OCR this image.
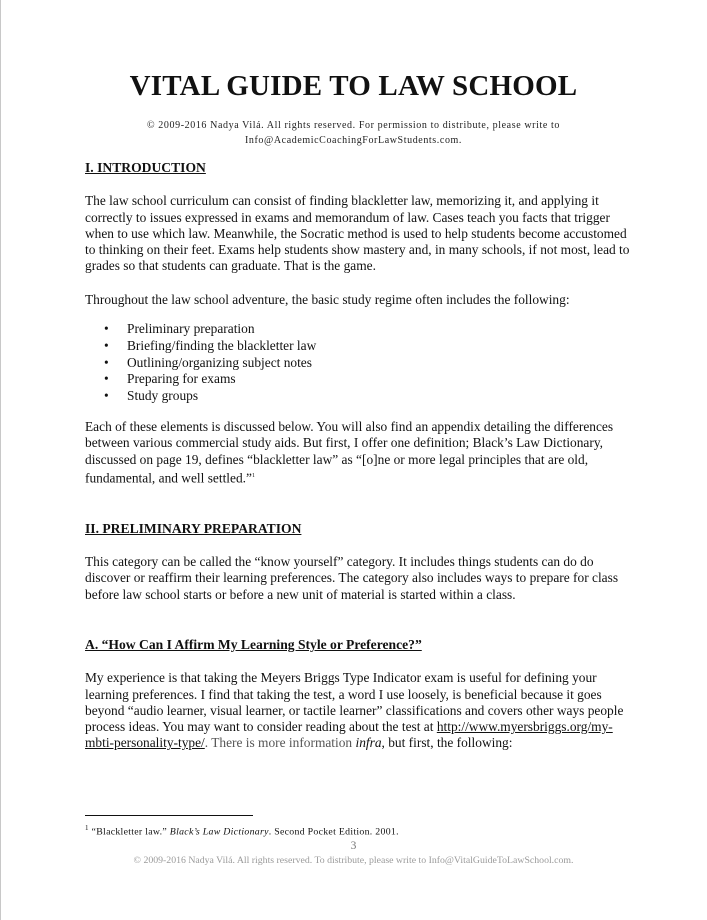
VITAL GUIDE TO LAW SCHOOL
© 2009-2016 Nadya Vilá. All rights reserved. For permission to distribute, please write to
Info@AcademicCoachingForLawStudents.com.
I. INTRODUCTION

The law school curriculum can consist of finding blackletter law, memorizing it, and applying it correctly to issues expressed in exams and memorandum of law. Cases teach you facts that trigger when to use which law. Meanwhile, the Socratic method is used to help students become accustomed to thinking on their feet. Exams help students show mastery and, in many schools, if not most, lead to grades so that students can graduate. That is the game.

Throughout the law school adventure, the basic study regime often includes the following:

• Preliminary preparation
• Briefing/finding the blackletter law
• Outlining/organizing subject notes
• Preparing for exams
• Study groups

Each of these elements is discussed below. You will also find an appendix detailing the differences between various commercial study aids. But first, I offer one definition; Black’s Law Dictionary, discussed on page 19, defines “blackletter law” as “[o]ne or more legal principles that are old, fundamental, and well settled.”$^1$

II. PRELIMINARY PREPARATION

This category can be called the “know yourself” category. It includes things students can do do discover or reaffirm their learning preferences. The category also includes ways to prepare for class before law school starts or before a new unit of material is started within a class.

A. “How Can I Affirm My Learning Style or Preference?”

My experience is that taking the Meyers Briggs Type Indicator exam is useful for defining your learning preferences. I find that taking the test, a word I use loosely, is beneficial because it goes beyond “audio learner, visual learner, or tactile learner” classifications and covers other ways people process ideas. You may want to consider reading about the test at http://www.myersbriggs.org/my-mbti-personality-type/. There is more information infra, but first, the following:

$^1$ “Blackletter law.” Black’s Law Dictionary. Second Pocket Edition. 2001.
3
© 2009-2016 Nadya Vilá. All rights reserved. To distribute, please write to Info@VitalGuideToLawSchool.com.
